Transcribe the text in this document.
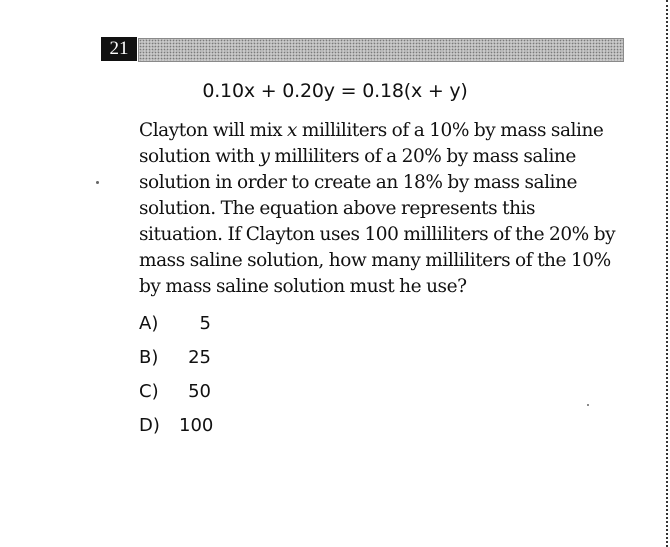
21
0.10x + 0.20y = 0.18(x + y)

Clayton will mix x milliliters of a 10% by mass saline
solution with y milliliters of a 20% by mass saline
solution in order to create an 18% by mass saline
solution. The equation above represents this
situation. If Clayton uses 100 milliliters of the 20% by
mass saline solution, how many milliliters of the 10%
by mass saline solution must he use?

A)	5
B)	25
C)	50
D)	100
